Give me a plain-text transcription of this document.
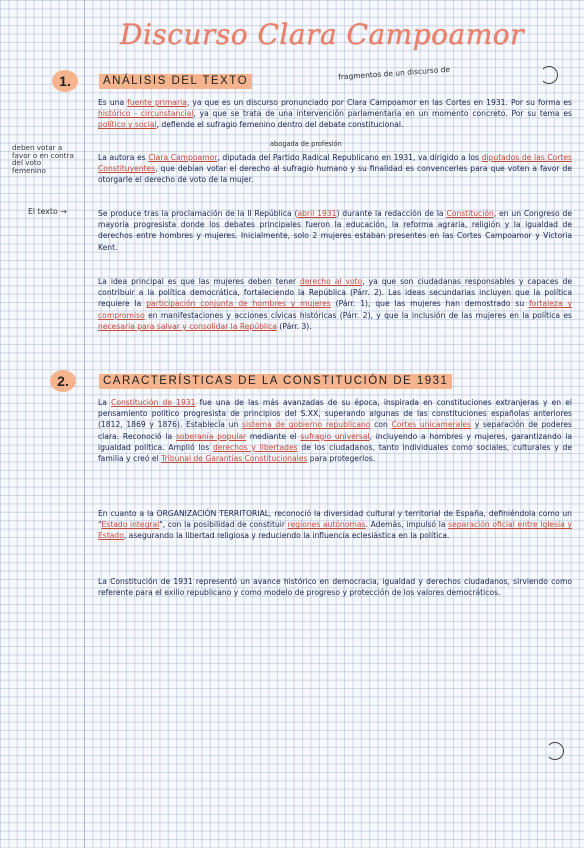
Discurso Clara Campoamor
1.	ANÁLISIS DEL TEXTO	fragmentos de un discurso de
deben votar a favor o en contra del voto femenino
El texto →
abogada de profesión

Es una fuente primaria, ya que es un discurso pronunciado por Clara Campoamor en las Cortes en 1931. Por su forma es histórico - circunstancial, ya que se trata de una intervención parlamentaria en un momento concreto. Por su tema es político y social, defiende el sufragio femenino dentro del debate constitucional.

La autora es Clara Campoamor, diputada del Partido Radical Republicano en 1931, va dirigido a los diputados de las Cortes Constituyentes, que debían votar el derecho al sufragio humano y su finalidad es convencerles para que voten a favor de otorgarle el derecho de voto de la mujer.

Se produce tras la proclamación de la II República (abril 1931) durante la redacción de la Constitución, en un Congreso de mayoría progresista donde los debates principales fueron la educación, la reforma agraria, religión y la igualdad de derechos entre hombres y mujeres. Inicialmente, solo 2 mujeres estaban presentes en las Cortes Campoamor y Victoria Kent.

La idea principal es que las mujeres deben tener derecho al voto, ya que son ciudadanas responsables y capaces de contribuir a la política democrática, fortaleciendo la República (Párr. 2). Las ideas secundarias incluyen que la política requiere la participación conjunta de hombres y mujeres (Párr. 1), que las mujeres han demostrado su fortaleza y compromiso en manifestaciones y acciones cívicas históricas (Párr. 2), y que la inclusión de las mujeres en la política es necesaria para salvar y consolidar la República (Párr. 3).

2.	CARACTERÍSTICAS DE LA CONSTITUCIÓN DE 1931

La Constitución de 1931 fue una de las más avanzadas de su época, inspirada en constituciones extranjeras y en el pensamiento político progresista de principios del S.XX, superando algunas de las constituciones españolas anteriores (1812, 1869 y 1876). Establecía un sistema de gobierno republicano con Cortes unicamerales y separación de poderes clara. Reconoció la soberanía popular mediante el sufragio universal, incluyendo a hombres y mujeres, garantizando la igualdad política. Amplió los derechos y libertades de los ciudadanos, tanto individuales como sociales, culturales y de familia y creó el Tribunal de Garantías Constitucionales para protegerlos.

En cuanto a la ORGANIZACIÓN TERRITORIAL, reconoció la diversidad cultural y territorial de España, definiéndola como un "Estado integral", con la posibilidad de constituir regiones autónomas. Además, impulsó la separación oficial entre Iglesia y Estado, asegurando la libertad religiosa y reduciendo la influencia eclesiástica en la política.

La Constitución de 1931 representó un avance histórico en democracia, igualdad y derechos ciudadanos, sirviendo como referente para el exilio republicano y como modelo de progreso y protección de los valores democráticos.
